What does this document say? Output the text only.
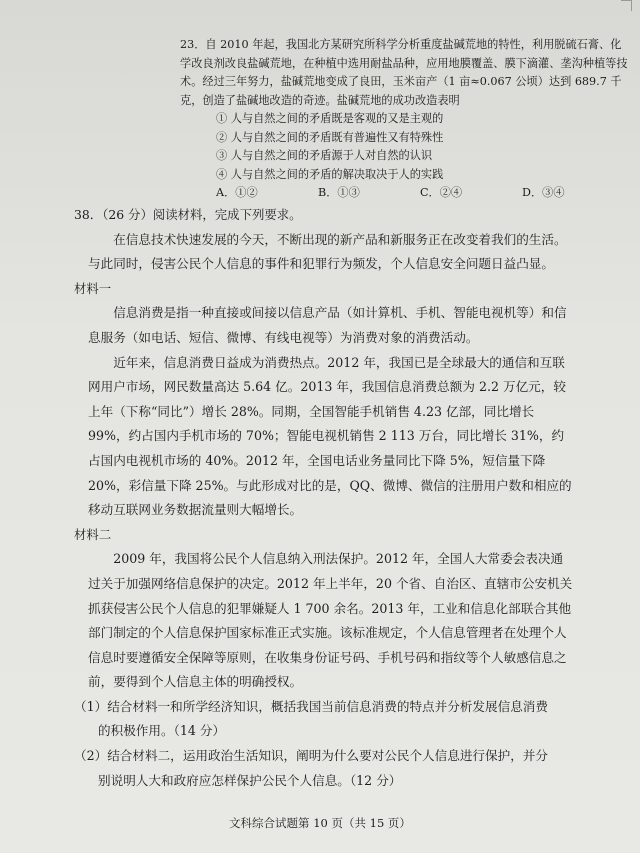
23．自 2010 年起，我国北方某研究所科学分析重度盐碱荒地的特性，利用脱硫石膏、化学改良剂改良盐碱荒地，在种植中选用耐盐品种，应用地膜覆盖、膜下滴灌、垄沟种植等技术。经过三年努力，盐碱荒地变成了良田，玉米亩产（1 亩≈0.067 公顷）达到 689.7 千克，创造了盐碱地改造的奇迹。盐碱荒地的成功改造表明

① 人与自然之间的矛盾既是客观的又是主观的

② 人与自然之间的矛盾既有普遍性又有特殊性

③ 人与自然之间的矛盾源于人对自然的认识

④ 人与自然之间的矛盾的解决取决于人的实践

A．①②	B．①③	C．②④	D．③④

38．（26 分）阅读材料，完成下列要求。

在信息技术快速发展的今天，不断出现的新产品和新服务正在改变着我们的生活。与此同时，侵害公民个人信息的事件和犯罪行为频发，个人信息安全问题日益凸显。

材料一

信息消费是指一种直接或间接以信息产品（如计算机、手机、智能电视机等）和信息服务（如电话、短信、微博、有线电视等）为消费对象的消费活动。

近年来，信息消费日益成为消费热点。2012 年，我国已是全球最大的通信和互联网用户市场，网民数量高达 5.64 亿。2013 年，我国信息消费总额为 2.2 万亿元，较上年（下称“同比”）增长 28%。同期，全国智能手机销售 4.23 亿部，同比增长 99%，约占国内手机市场的 70%；智能电视机销售 2 113 万台，同比增长 31%，约占国内电视机市场的 40%。2012 年，全国电话业务量同比下降 5%，短信量下降 20%，彩信量下降 25%。与此形成对比的是，QQ、微博、微信的注册用户数和相应的移动互联网业务数据流量则大幅增长。

材料二

2009 年，我国将公民个人信息纳入刑法保护。2012 年，全国人大常委会表决通过关于加强网络信息保护的决定。2012 年上半年，20 个省、自治区、直辖市公安机关抓获侵害公民个人信息的犯罪嫌疑人 1 700 余名。2013 年，工业和信息化部联合其他部门制定的个人信息保护国家标准正式实施。该标准规定，个人信息管理者在处理个人信息时要遵循安全保障等原则，在收集身份证号码、手机号码和指纹等个人敏感信息之前，要得到个人信息主体的明确授权。

（1）结合材料一和所学经济知识，概括我国当前信息消费的特点并分析发展信息消费
的积极作用。（14 分）

（2）结合材料二，运用政治生活知识，阐明为什么要对公民个人信息进行保护，并分
别说明人大和政府应怎样保护公民个人信息。（12 分）

文科综合试题第 10 页（共 15 页）
